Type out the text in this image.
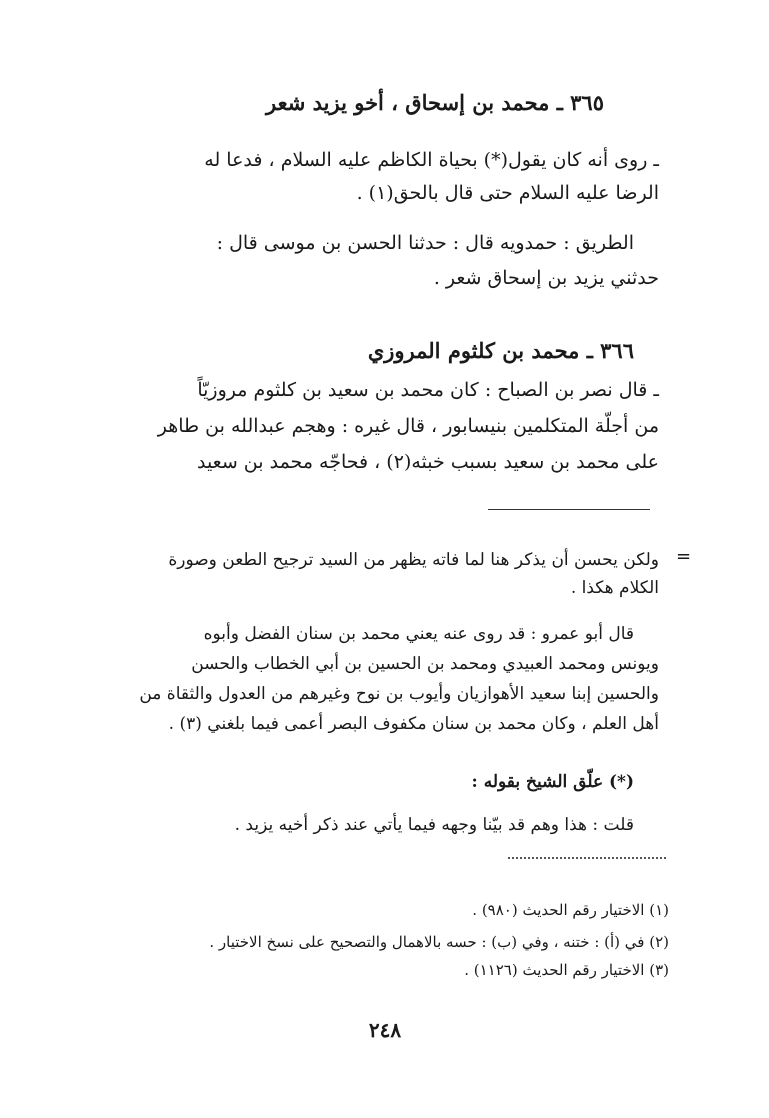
٣٦٥ ـ محمد بن إسحاق ، أخو يزيد شعر
ـ روى أنه كان يقول(*) بحياة الكاظم عليه السلام ، فدعا له
الرضا عليه السلام حتى قال بالحق(١) .
الطريق : حمدويه قال : حدثنا الحسن بن موسى قال :
حدثني يزيد بن إسحاق شعر .
٣٦٦ ـ محمد بن كلثوم المروزي
ـ قال نصر بن الصباح : كان محمد بن سعيد بن كلثوم مروزيّاً
من أجلّة المتكلمين بنيسابور ، قال غيره : وهجم عبدالله بن طاهر
على محمد بن سعيد بسبب خبثه(٢) ، فحاجّه محمد بن سعيد
=
ولكن يحسن أن يذكر هنا لما فاته يظهر من السيد ترجيح الطعن وصورة
الكلام هكذا .
قال أبو عمرو : قد روى عنه يعني محمد بن سنان الفضل وأبوه
ويونس ومحمد العبيدي ومحمد بن الحسين بن أبي الخطاب والحسن
والحسين إبنا سعيد الأهوازيان وأيوب بن نوح وغيرهم من العدول والثقاة من
أهل العلم ، وكان محمد بن سنان مكفوف البصر أعمى فيما بلغني (٣) .
(*) علّق الشيخ بقوله :
قلت : هذا وهم قد بيّنا وجهه فيما يأتي عند ذكر أخيه يزيد .
(١) الاختيار رقم الحديث (٩٨٠) .
(٢) في (أ) : ختنه ، وفي (ب) : حسه بالاهمال والتصحيح على نسخ الاختيار .
(٣) الاختيار رقم الحديث (١١٢٦) .
٢٤٨
